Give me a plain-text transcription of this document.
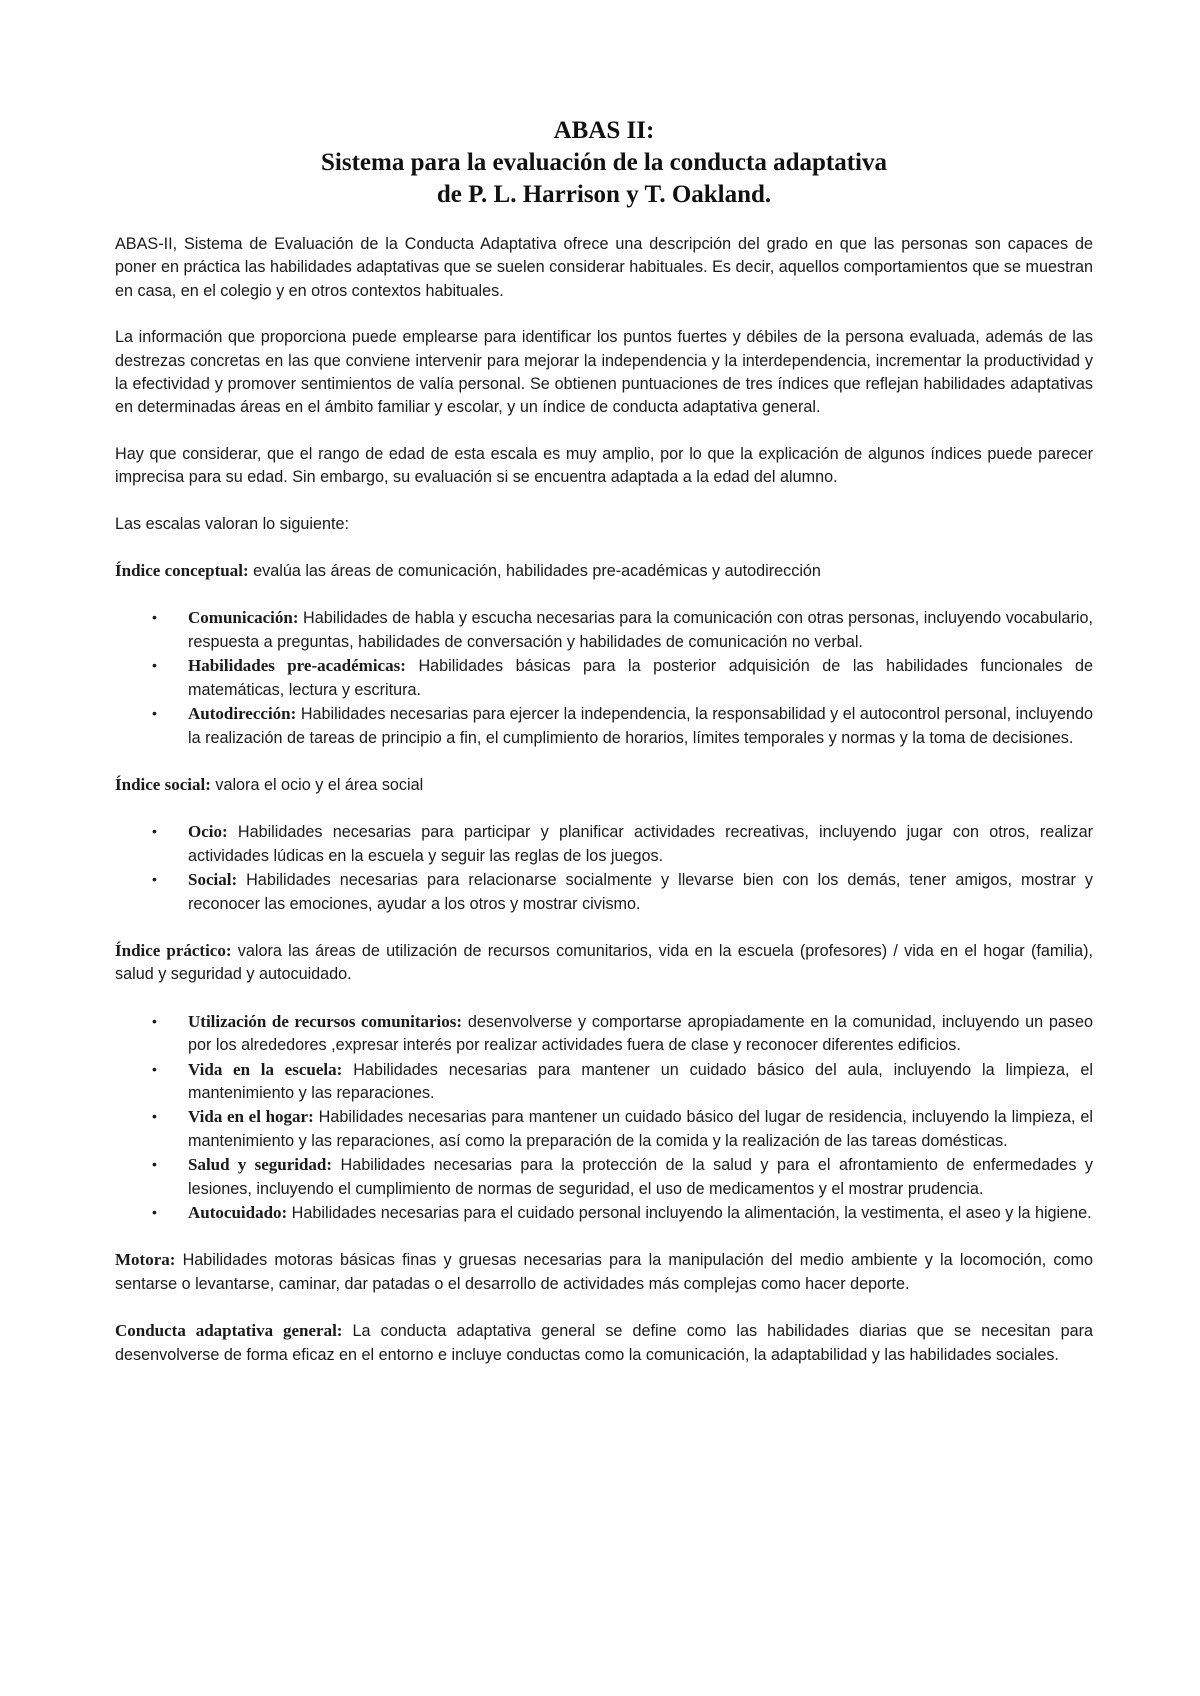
ABAS II:
Sistema para la evaluación de la conducta adaptativa
de P. L. Harrison y T. Oakland.

ABAS-II, Sistema de Evaluación de la Conducta Adaptativa ofrece una descripción del grado en que las personas son capaces de poner en práctica las habilidades adaptativas que se suelen considerar habituales. Es decir, aquellos comportamientos que se muestran en casa, en el colegio y en otros contextos habituales.

La información que proporciona puede emplearse para identificar los puntos fuertes y débiles de la persona evaluada, además de las destrezas concretas en las que conviene intervenir para mejorar la independencia y la interdependencia, incrementar la productividad y la efectividad y promover sentimientos de valía personal. Se obtienen puntuaciones de tres índices que reflejan habilidades adaptativas en determinadas áreas en el ámbito familiar y escolar, y un índice de conducta adaptativa general.

Hay que considerar, que el rango de edad de esta escala es muy amplio, por lo que la explicación de algunos índices puede parecer imprecisa para su edad. Sin embargo, su evaluación si se encuentra adaptada a la edad del alumno.

Las escalas valoran lo siguiente:

Índice conceptual: evalúa las áreas de comunicación, habilidades pre-académicas y autodirección

• Comunicación: Habilidades de habla y escucha necesarias para la comunicación con otras personas, incluyendo vocabulario, respuesta a preguntas, habilidades de conversación y habilidades de comunicación no verbal.
• Habilidades pre-académicas: Habilidades básicas para la posterior adquisición de las habilidades funcionales de matemáticas, lectura y escritura.
• Autodirección: Habilidades necesarias para ejercer la independencia, la responsabilidad y el autocontrol personal, incluyendo la realización de tareas de principio a fin, el cumplimiento de horarios, límites temporales y normas y la toma de decisiones.

Índice social: valora el ocio y el área social

• Ocio: Habilidades necesarias para participar y planificar actividades recreativas, incluyendo jugar con otros, realizar actividades lúdicas en la escuela y seguir las reglas de los juegos.
• Social: Habilidades necesarias para relacionarse socialmente y llevarse bien con los demás, tener amigos, mostrar y reconocer las emociones, ayudar a los otros y mostrar civismo.

Índice práctico: valora las áreas de utilización de recursos comunitarios, vida en la escuela (profesores) / vida en el hogar (familia), salud y seguridad y autocuidado.

• Utilización de recursos comunitarios: desenvolverse y comportarse apropiadamente en la comunidad, incluyendo un paseo por los alrededores ,expresar interés por realizar actividades fuera de clase y reconocer diferentes edificios.
• Vida en la escuela: Habilidades necesarias para mantener un cuidado básico del aula, incluyendo la limpieza, el mantenimiento y las reparaciones.
• Vida en el hogar: Habilidades necesarias para mantener un cuidado básico del lugar de residencia, incluyendo la limpieza, el mantenimiento y las reparaciones, así como la preparación de la comida y la realización de las tareas domésticas.
• Salud y seguridad: Habilidades necesarias para la protección de la salud y para el afrontamiento de enfermedades y lesiones, incluyendo el cumplimiento de normas de seguridad, el uso de medicamentos y el mostrar prudencia.
• Autocuidado: Habilidades necesarias para el cuidado personal incluyendo la alimentación, la vestimenta, el aseo y la higiene.

Motora: Habilidades motoras básicas finas y gruesas necesarias para la manipulación del medio ambiente y la locomoción, como sentarse o levantarse, caminar, dar patadas o el desarrollo de actividades más complejas como hacer deporte.

Conducta adaptativa general: La conducta adaptativa general se define como las habilidades diarias que se necesitan para desenvolverse de forma eficaz en el entorno e incluye conductas como la comunicación, la adaptabilidad y las habilidades sociales.
